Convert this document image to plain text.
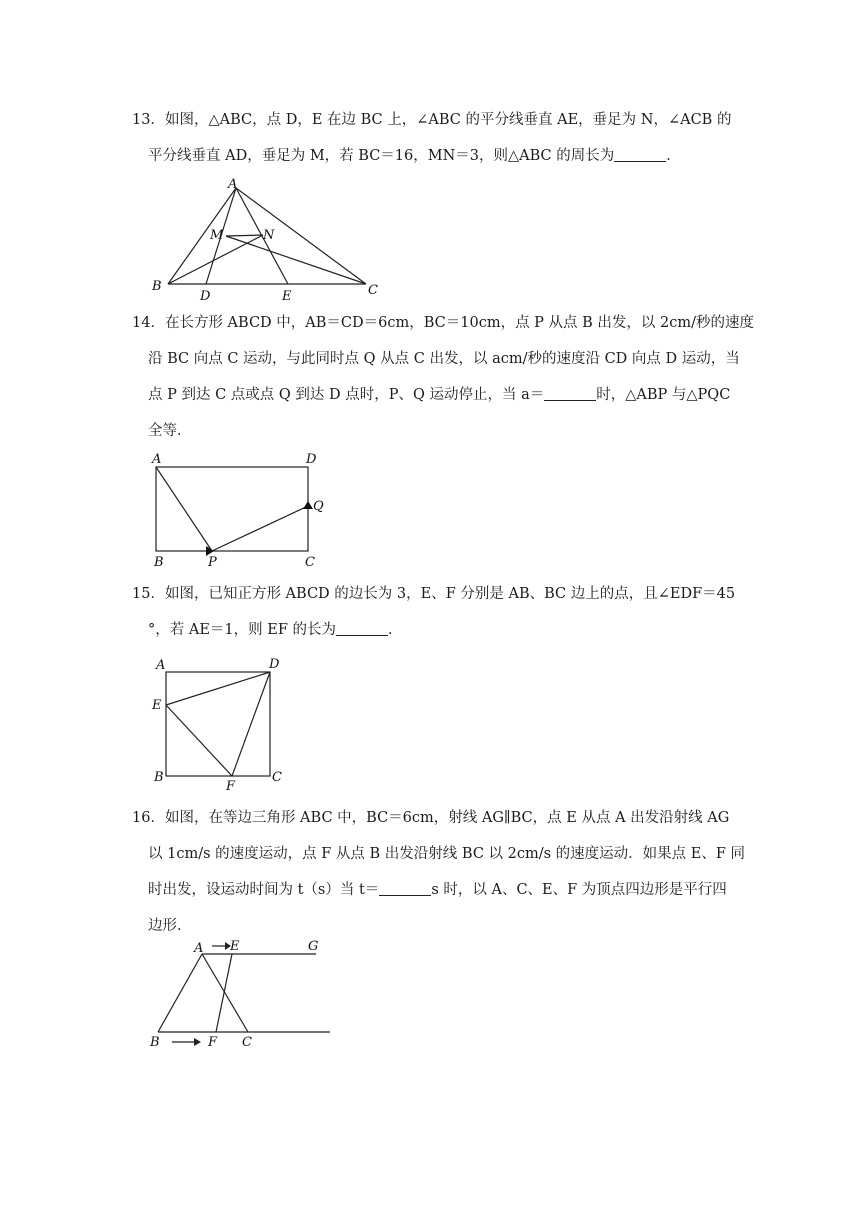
13．如图，△ABC，点 D，E 在边 BC 上，∠ABC 的平分线垂直 AE，垂足为 N，∠ACB 的

平分线垂直 AD，垂足为 M，若 BC＝16，MN＝3，则△ABC 的周长为	．

A
M	N
B
D	E	C

14．在长方形 ABCD 中，AB＝CD＝6cm，BC＝10cm，点 P 从点 B 出发，以 2cm/秒的速度

沿 BC 向点 C 运动，与此同时点 Q 从点 C 出发，以 acm/秒的速度沿 CD 向点 D 运动，当

点 P 到达 C 点或点 Q 到达 D 点时，P、Q 运动停止，当 a＝	时，△ABP 与△PQC

全等．

A	D
Q
B	P	C

15．如图，已知正方形 ABCD 的边长为 3，E、F 分别是 AB、BC 边上的点，且∠EDF＝45

°，若 AE＝1，则 EF 的长为	．

A	D
E
B
F
C

16．如图，在等边三角形 ABC 中，BC＝6cm，射线 AG∥BC，点 E 从点 A 出发沿射线 AG

以 1cm/s 的速度运动，点 F 从点 B 出发沿射线 BC 以 2cm/s 的速度运动．如果点 E、F 同

时出发，设运动时间为 t（s）当 t＝	s 时，以 A、C、E、F 为顶点四边形是平行四

边形．

A E	G
B	F C
